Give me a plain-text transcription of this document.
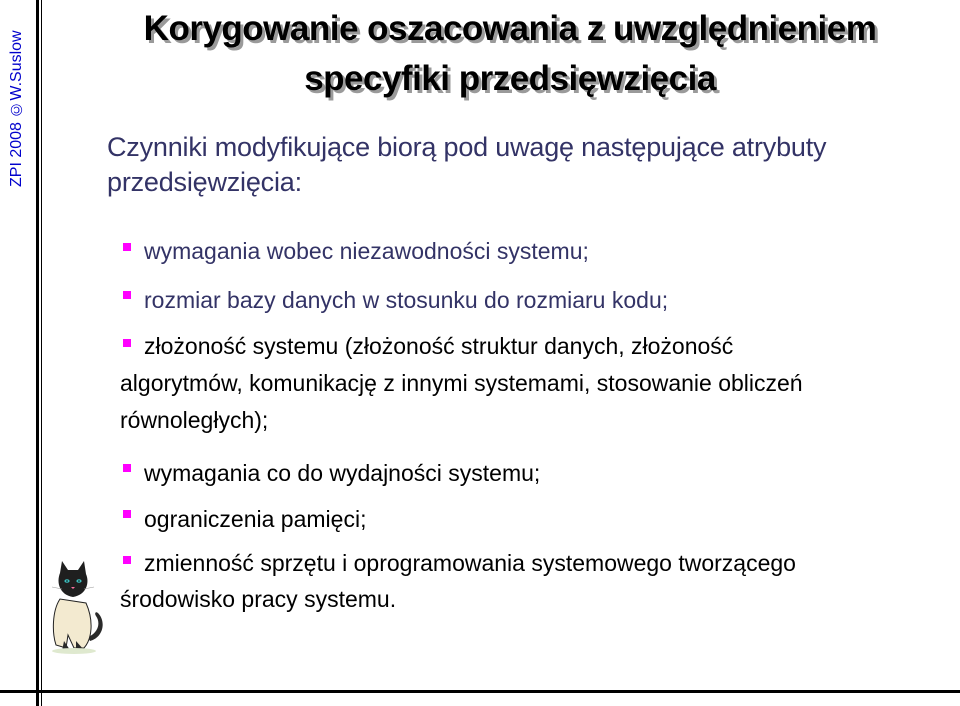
ZPI 2008 ©W.Suslow
Korygowanie oszacowania z uwzględnieniem
specyfiki przedsięwzięcia
Czynniki modyfikujące biorą pod uwagę następujące atrybuty przedsięwzięcia:
wymagania wobec niezawodności systemu;
rozmiar bazy danych w stosunku do rozmiaru kodu;
złożoność systemu (złożoność struktur danych, złożoność
algorytmów, komunikację z innymi systemami, stosowanie obliczeń
równoległych);
wymagania co do wydajności systemu;
ograniczenia pamięci;
zmienność sprzętu i oprogramowania systemowego tworzącego
środowisko pracy systemu.
